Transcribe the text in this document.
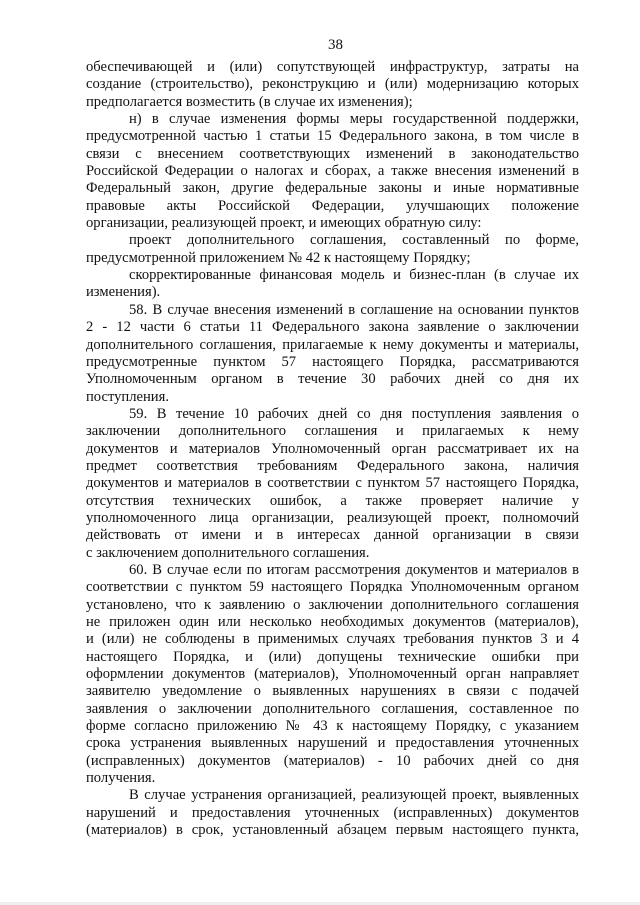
38
обеспечивающей и (или) сопутствующей инфраструктур, затраты на
создание (строительство), реконструкцию и (или) модернизацию которых
предполагается возместить (в случае их изменения);
н) в случае изменения формы меры государственной поддержки,
предусмотренной частью 1 статьи 15 Федерального закона, в том числе в
связи с внесением соответствующих изменений в законодательство
Российской Федерации о налогах и сборах, а также внесения изменений в
Федеральный закон, другие федеральные законы и иные нормативные
правовые акты Российской Федерации, улучшающих положение
организации, реализующей проект, и имеющих обратную силу:
проект дополнительного соглашения, составленный по форме,
предусмотренной приложением № 42 к настоящему Порядку;
скорректированные финансовая модель и бизнес-план (в случае их
изменения).
58. В случае внесения изменений в соглашение на основании пунктов
2 - 12 части 6 статьи 11 Федерального закона заявление о заключении
дополнительного соглашения, прилагаемые к нему документы и материалы,
предусмотренные пунктом 57 настоящего Порядка, рассматриваются
Уполномоченным органом в течение 30 рабочих дней со дня их
поступления.
59. В течение 10 рабочих дней со дня поступления заявления о
заключении дополнительного соглашения и прилагаемых к нему
документов и материалов Уполномоченный орган рассматривает их на
предмет соответствия требованиям Федерального закона, наличия
документов и материалов в соответствии с пунктом 57 настоящего Порядка,
отсутствия технических ошибок, а также проверяет наличие у
уполномоченного лица организации, реализующей проект, полномочий
действовать от имени и в интересах данной организации в связи
с заключением дополнительного соглашения.
60. В случае если по итогам рассмотрения документов и материалов в
соответствии с пунктом 59 настоящего Порядка Уполномоченным органом
установлено, что к заявлению о заключении дополнительного соглашения
не приложен один или несколько необходимых документов (материалов),
и (или) не соблюдены в применимых случаях требования пунктов 3 и 4
настоящего Порядка, и (или) допущены технические ошибки при
оформлении документов (материалов), Уполномоченный орган направляет
заявителю уведомление о выявленных нарушениях в связи с подачей
заявления о заключении дополнительного соглашения, составленное по
форме согласно приложению № 43 к настоящему Порядку, с указанием
срока устранения выявленных нарушений и предоставления уточненных
(исправленных) документов (материалов) - 10 рабочих дней со дня
получения.
В случае устранения организацией, реализующей проект, выявленных
нарушений и предоставления уточненных (исправленных) документов
(материалов) в срок, установленный абзацем первым настоящего пункта,
